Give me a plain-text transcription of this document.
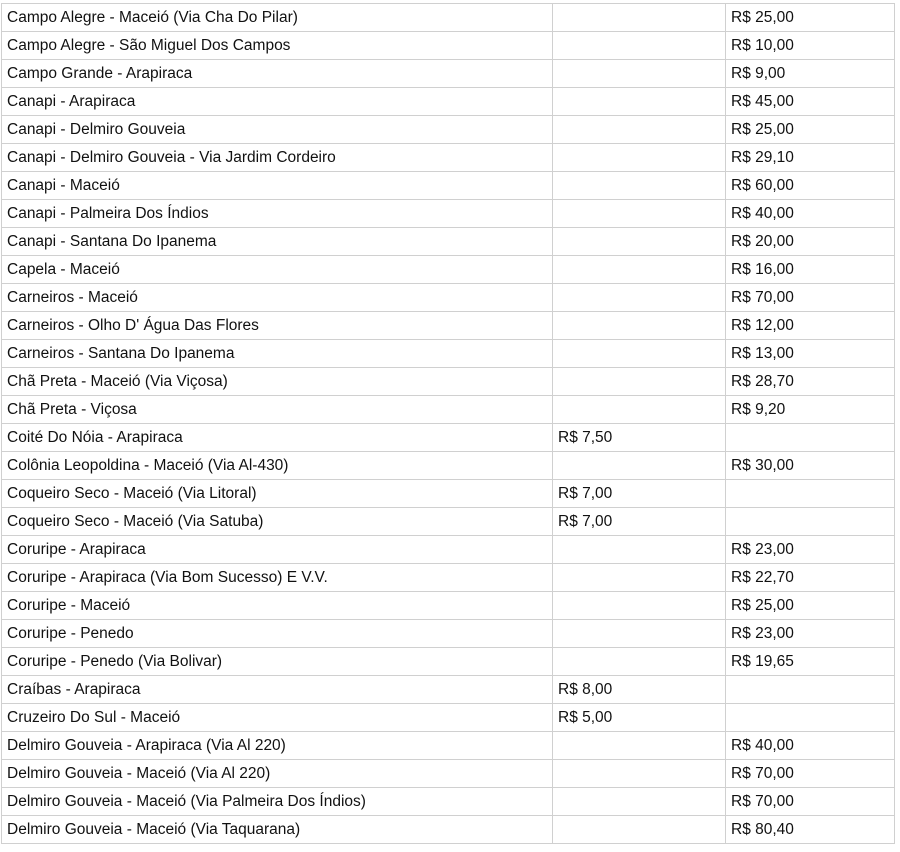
Campo Alegre - Maceió (Via Cha Do Pilar)		R$ 25,00
Campo Alegre - São Miguel Dos Campos		R$ 10,00
Campo Grande - Arapiraca		R$ 9,00
Canapi - Arapiraca		R$ 45,00
Canapi - Delmiro Gouveia		R$ 25,00
Canapi - Delmiro Gouveia - Via Jardim Cordeiro		R$ 29,10
Canapi - Maceió		R$ 60,00
Canapi - Palmeira Dos Índios		R$ 40,00
Canapi - Santana Do Ipanema		R$ 20,00
Capela - Maceió		R$ 16,00
Carneiros - Maceió		R$ 70,00
Carneiros - Olho D' Água Das Flores		R$ 12,00
Carneiros - Santana Do Ipanema		R$ 13,00
Chã Preta - Maceió (Via Viçosa)		R$ 28,70
Chã Preta - Viçosa		R$ 9,20
Coité Do Nóia - Arapiraca	R$ 7,50	
Colônia Leopoldina - Maceió (Via Al-430)		R$ 30,00
Coqueiro Seco - Maceió (Via Litoral)	R$ 7,00	
Coqueiro Seco - Maceió (Via Satuba)	R$ 7,00	
Coruripe - Arapiraca		R$ 23,00
Coruripe - Arapiraca (Via Bom Sucesso) E V.V.		R$ 22,70
Coruripe - Maceió		R$ 25,00
Coruripe - Penedo		R$ 23,00
Coruripe - Penedo (Via Bolivar)		R$ 19,65
Craíbas - Arapiraca	R$ 8,00	
Cruzeiro Do Sul - Maceió	R$ 5,00	
Delmiro Gouveia - Arapiraca (Via Al 220)		R$ 40,00
Delmiro Gouveia - Maceió (Via Al 220)		R$ 70,00
Delmiro Gouveia - Maceió (Via Palmeira Dos Índios)		R$ 70,00
Delmiro Gouveia - Maceió (Via Taquarana)		R$ 80,40
